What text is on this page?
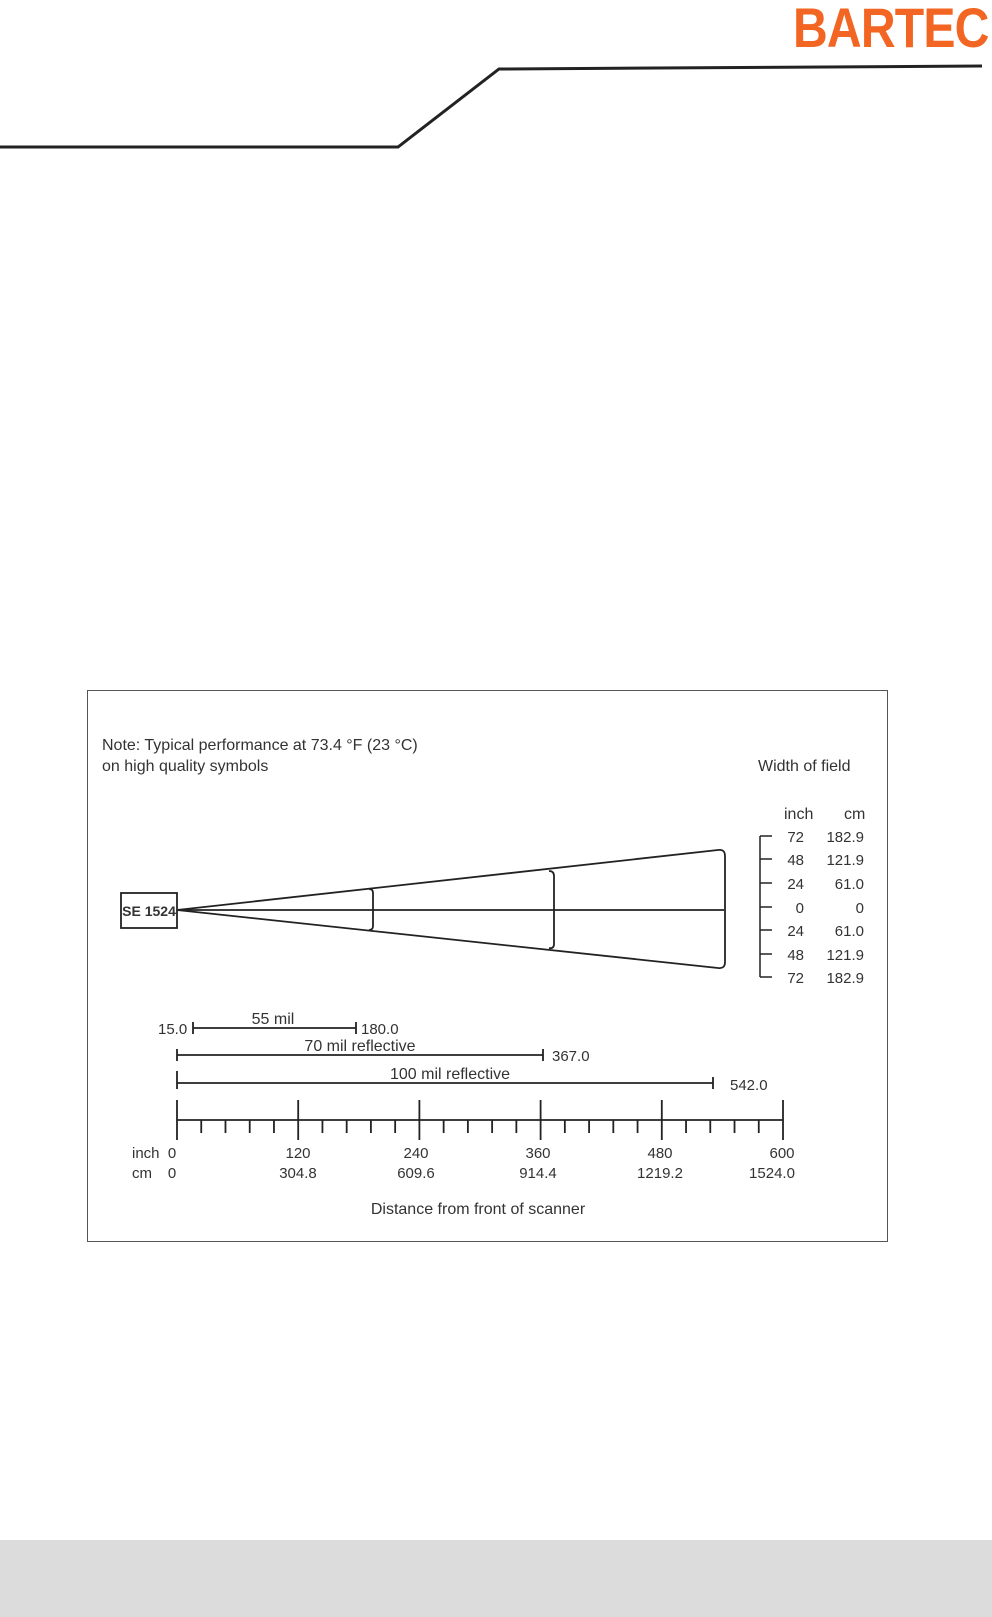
BARTEC
Note: Typical performance at 73.4 °F (23 °C)
on high quality symbols	Width of field
inch cm
72 182.9
48 121.9
24 61.0
0	0
24 61.0
48 121.9
72 182.9
SE 1524
15.0
55 mil
180.0
70 mil reflective
367.0
100 mil reflective
542.0
inch
cm
0	120	240	360	480	600
0	304.8	609.6	914.4	1219.2	1524.0
Distance from front of scanner
